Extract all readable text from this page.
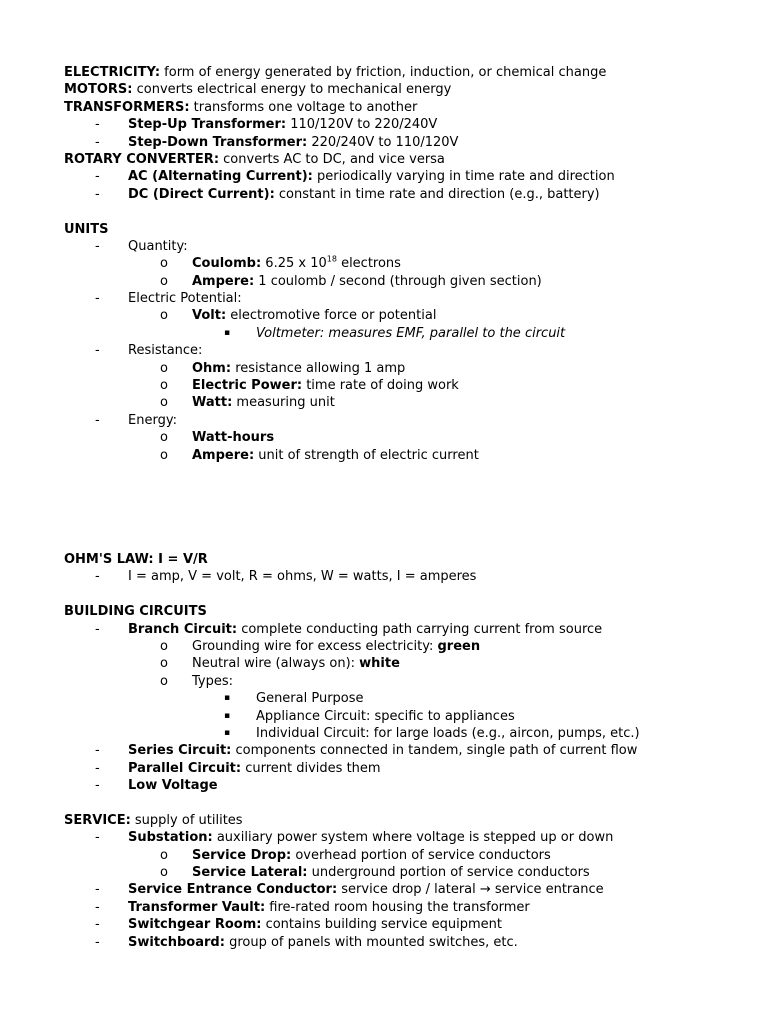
ELECTRICITY: form of energy generated by friction, induction, or chemical change
MOTORS: converts electrical energy to mechanical energy
TRANSFORMERS: transforms one voltage to another
- Step-Up Transformer: 110/120V to 220/240V
- Step-Down Transformer: 220/240V to 110/120V
ROTARY CONVERTER: converts AC to DC, and vice versa
- AC (Alternating Current): periodically varying in time rate and direction
- DC (Direct Current): constant in time rate and direction (e.g., battery)
UNITS
- Quantity:
o Coulomb: 6.25 x $10^{18}$ electrons
o Ampere: 1 coulomb / second (through given section)
- Electric Potential:
o Volt: electromotive force or potential
▪ Voltmeter: measures EMF, parallel to the circuit
- Resistance:
o Ohm: resistance allowing 1 amp
o Electric Power: time rate of doing work
o Watt: measuring unit
- Energy:
o Watt-hours
o Ampere: unit of strength of electric current
OHM'S LAW: I = V/R
- I = amp, V = volt, R = ohms, W = watts, I = amperes
BUILDING CIRCUITS
- Branch Circuit: complete conducting path carrying current from source
o Grounding wire for excess electricity: green
o Neutral wire (always on): white
o Types:
▪ General Purpose
▪ Appliance Circuit: specific to appliances
▪ Individual Circuit: for large loads (e.g., aircon, pumps, etc.)
- Series Circuit: components connected in tandem, single path of current flow
- Parallel Circuit: current divides them
- Low Voltage
SERVICE: supply of utilites
- Substation: auxiliary power system where voltage is stepped up or down
o Service Drop: overhead portion of service conductors
o Service Lateral: underground portion of service conductors
- Service Entrance Conductor: service drop / lateral → service entrance
- Transformer Vault: fire-rated room housing the transformer
- Switchgear Room: contains building service equipment
- Switchboard: group of panels with mounted switches, etc.
